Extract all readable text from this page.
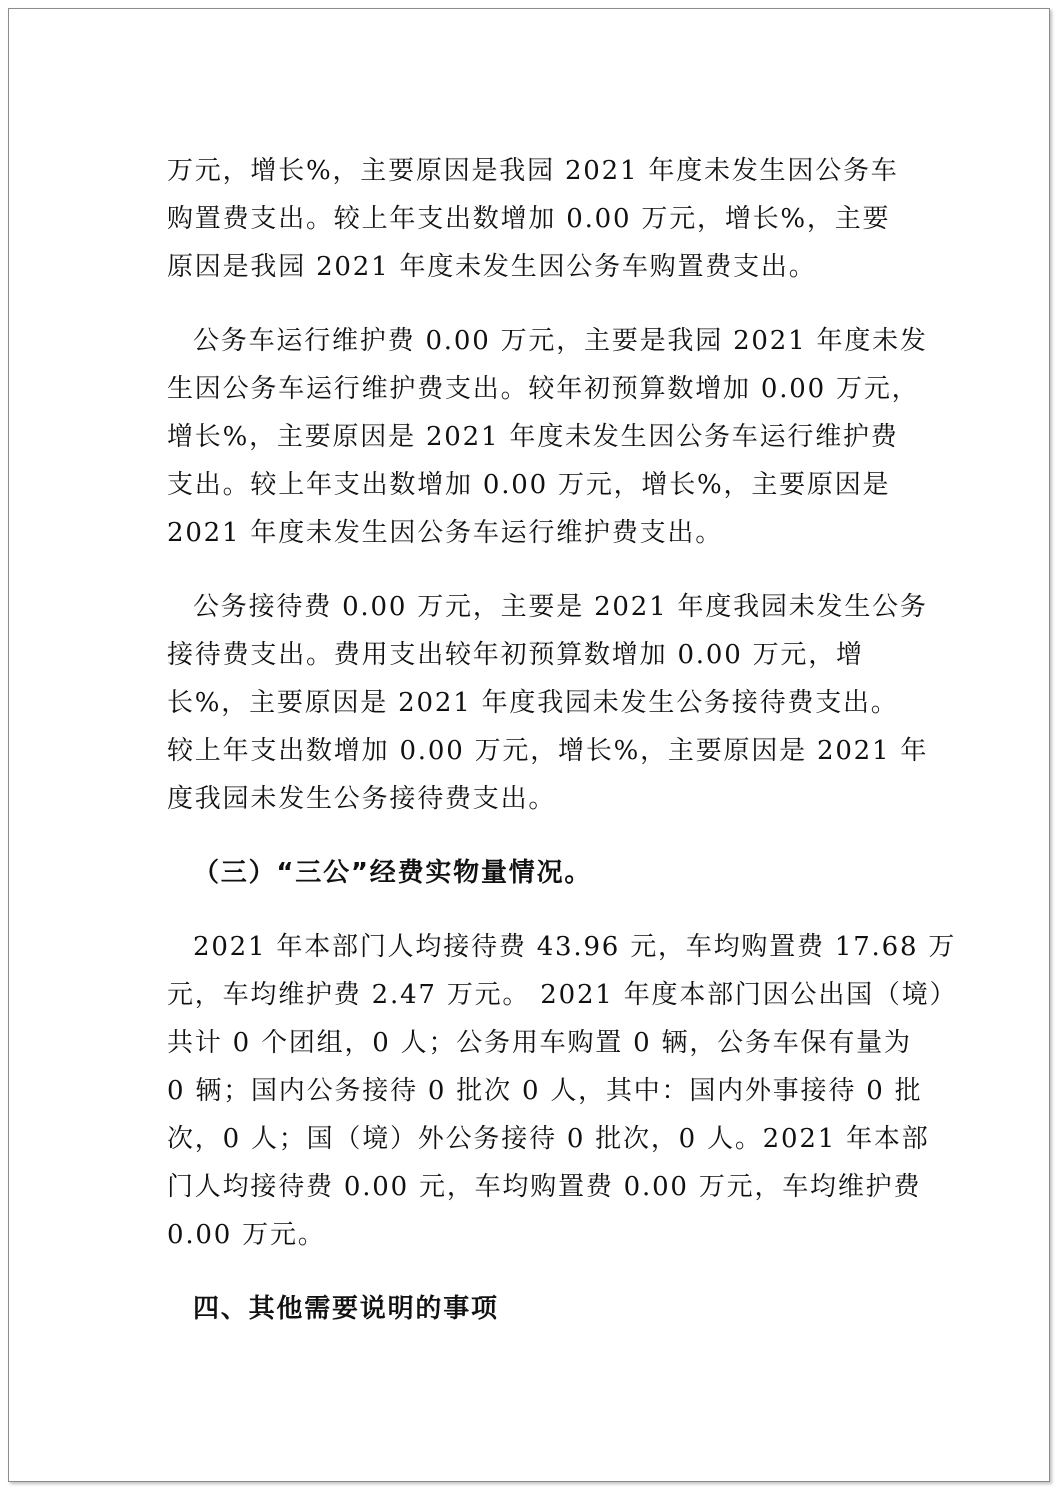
万元，增长%，主要原因是我园 2021 年度未发生因公务车
购置费支出。较上年支出数增加 0.00 万元，增长%，主要
原因是我园 2021 年度未发生因公务车购置费支出。
公务车运行维护费 0.00 万元，主要是我园 2021 年度未发
生因公务车运行维护费支出。较年初预算数增加 0.00 万元，
增长%，主要原因是 2021 年度未发生因公务车运行维护费
支出。较上年支出数增加 0.00 万元，增长%，主要原因是
2021 年度未发生因公务车运行维护费支出。
公务接待费 0.00 万元，主要是 2021 年度我园未发生公务
接待费支出。费用支出较年初预算数增加 0.00 万元，增
长%，主要原因是 2021 年度我园未发生公务接待费支出。
较上年支出数增加 0.00 万元，增长%，主要原因是 2021 年
度我园未发生公务接待费支出。
（三）“三公”经费实物量情况。
2021 年本部门人均接待费 43.96 元，车均购置费 17.68 万
元，车均维护费 2.47 万元。 2021 年度本部门因公出国（境）
共计 0 个团组，0 人；公务用车购置 0 辆，公务车保有量为
0 辆；国内公务接待 0 批次 0 人，其中：国内外事接待 0 批
次，0 人；国（境）外公务接待 0 批次，0 人。2021 年本部
门人均接待费 0.00 元，车均购置费 0.00 万元，车均维护费
0.00 万元。
四、其他需要说明的事项
